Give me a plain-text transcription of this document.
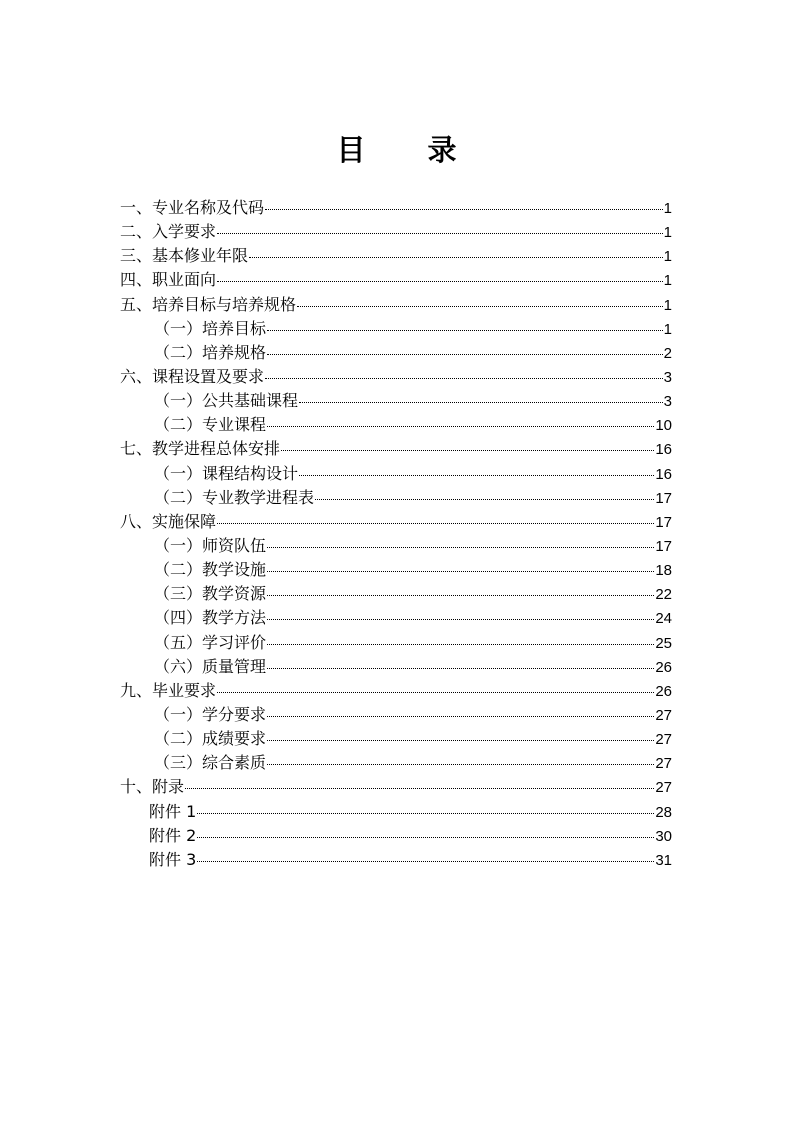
目 录
一、专业名称及代码	1
二、入学要求	1
三、基本修业年限	1
四、职业面向	1
五、培养目标与培养规格	1
（一）培养目标	1
（二）培养规格	2
六、课程设置及要求	3
（一）公共基础课程	3
（二）专业课程	10
七、教学进程总体安排	16
（一）课程结构设计	16
（二）专业教学进程表	17
八、实施保障	17
（一）师资队伍	17
（二）教学设施	18
（三）教学资源	22
（四）教学方法	24
（五）学习评价	25
（六）质量管理	26
九、毕业要求	26
（一）学分要求	27
（二）成绩要求	27
（三）综合素质	27
十、附录	27
附件 1	28
附件 2	30
附件 3	31
